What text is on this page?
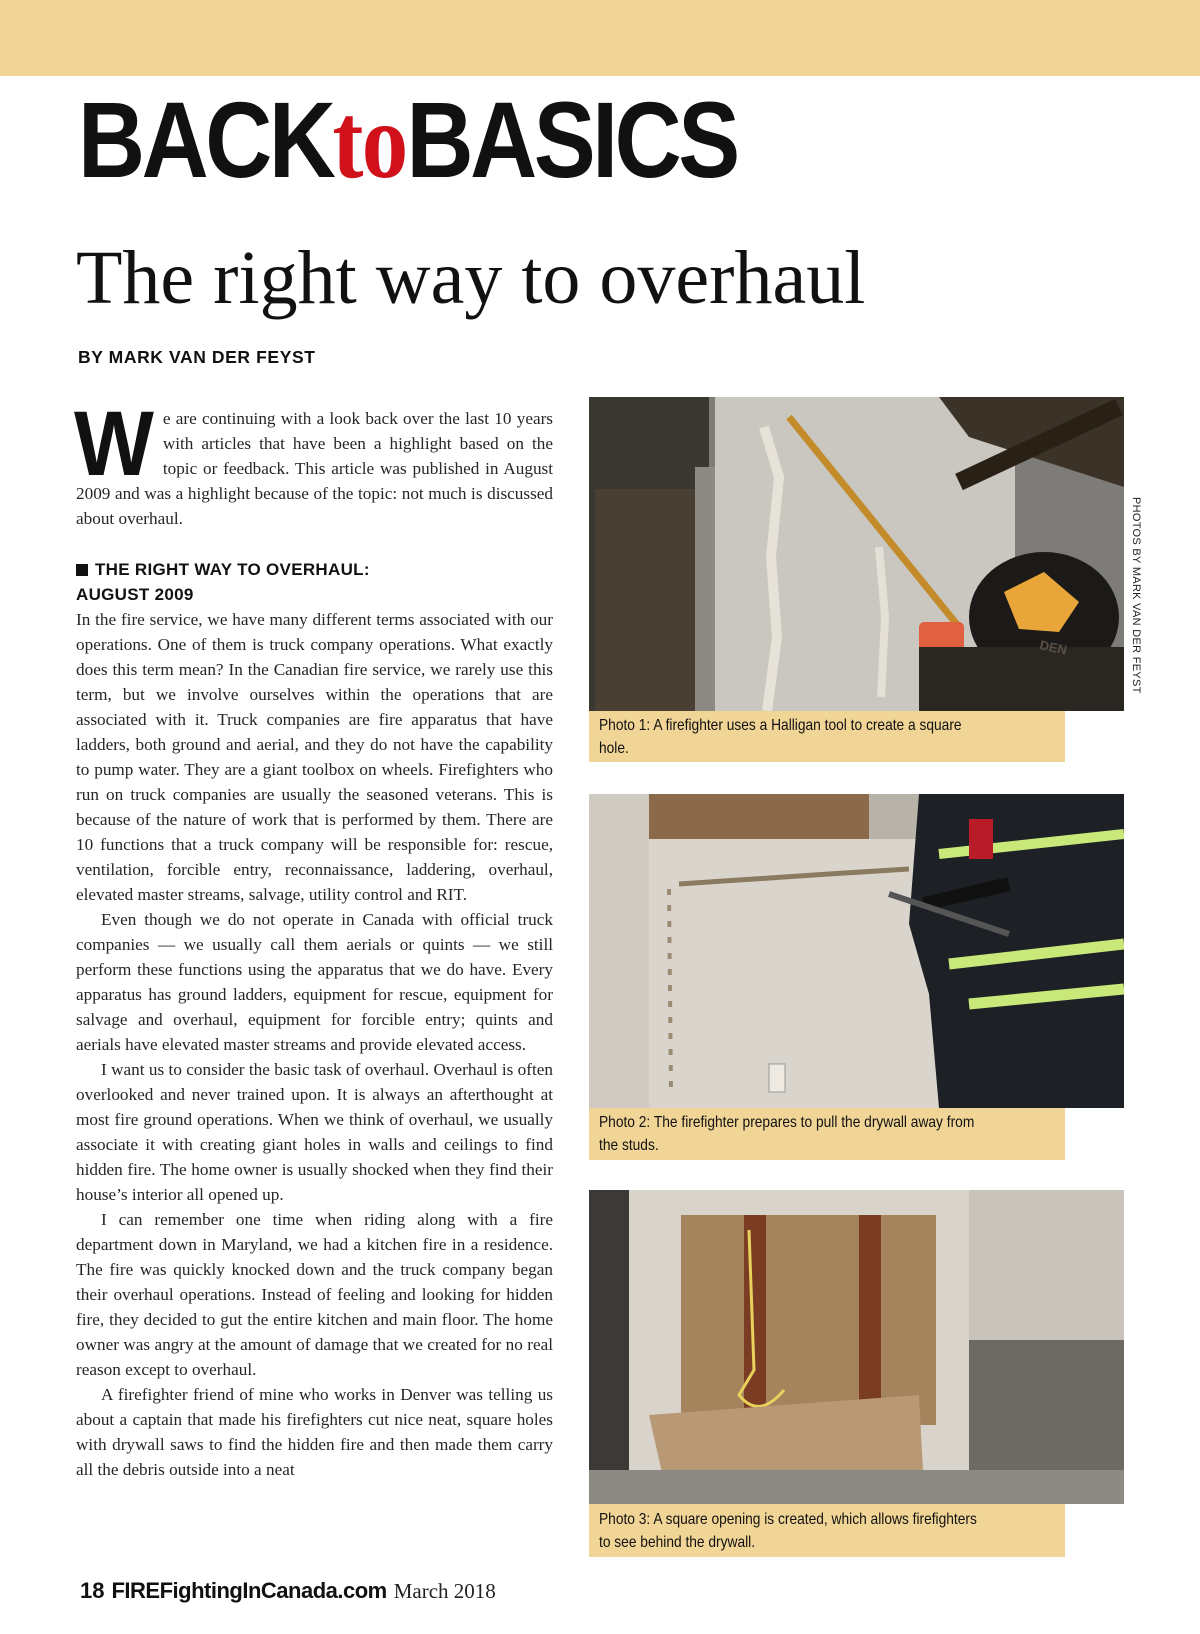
BACKtoBASICS
The right way to overhaul

BY MARK VAN DER FEYST

We are continuing with a look back over the last 10 years with articles that have been a highlight based on the topic or feedback. This article was published in August 2009 and was a highlight because of the topic: not much is discussed about overhaul.

THE RIGHT WAY TO OVERHAUL:

AUGUST 2009

In the fire service, we have many different terms associated with our operations. One of them is truck company operations. What exactly does this term mean? In the Canadian fire service, we rarely use this term, but we involve ourselves within the operations that are associated with it. Truck companies are fire apparatus that have ladders, both ground and aerial, and they do not have the capability to pump water. They are a giant toolbox on wheels. Firefighters who run on truck companies are usually the seasoned veterans. This is because of the nature of work that is performed by them. There are 10 functions that a truck company will be responsible for: rescue, ventilation, forcible entry, reconnaissance, laddering, overhaul, elevated master streams, salvage, utility control and RIT.

Even though we do not operate in Canada with official truck companies — we usually call them aerials or quints — we still perform these functions using the apparatus that we do have. Every apparatus has ground ladders, equipment for rescue, equipment for salvage and overhaul, equipment for forcible entry; quints and aerials have elevated master streams and provide elevated access.

I want us to consider the basic task of overhaul. Overhaul is often overlooked and never trained upon. It is always an afterthought at most fire ground operations. When we think of overhaul, we usually associate it with creating giant holes in walls and ceilings to find hidden fire. The home owner is usually shocked when they find their house’s interior all opened up.

I can remember one time when riding along with a fire department down in Maryland, we had a kitchen fire in a residence. The fire was quickly knocked down and the truck company began their overhaul operations. Instead of feeling and looking for hidden fire, they decided to gut the entire kitchen and main floor. The home owner was angry at the amount of damage that we created for no real reason except to overhaul.

A firefighter friend of mine who works in Denver was telling us about a captain that made his firefighters cut nice neat, square holes with drywall saws to find the hidden fire and then made them carry all the debris outside into a neat

DEN
Photo 1: A firefighter uses a Halligan tool to create a square hole.
Photo 2: The firefighter prepares to pull the drywall away from the studs.
Photo 3: A square opening is created, which allows firefighters to see behind the drywall.
PHOTOS BY MARK VAN DER FEYST
18 FIREFightingInCanada.com March 2018
